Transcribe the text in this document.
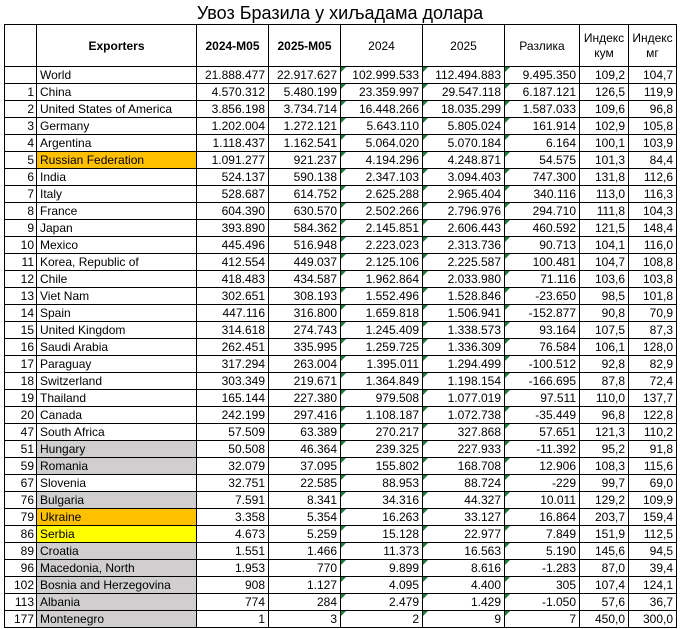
Увоз Бразила у хиљадама долара
	Exporters	2024-M05	2025-M05	2024	2025	Разлика	Индекс кум	Индекс мг
	World	21.888.477	22.917.627	102.999.533	112.494.883	9.495.350	109,2	104,7
1	China	4.570.312	5.480.199	23.359.997	29.547.118	6.187.121	126,5	119,9
2	United States of America	3.856.198	3.734.714	16.448.266	18.035.299	1.587.033	109,6	96,8
3	Germany	1.202.004	1.272.121	5.643.110	5.805.024	161.914	102,9	105,8
4	Argentina	1.118.437	1.162.541	5.064.020	5.070.184	6.164	100,1	103,9
5	Russian Federation	1.091.277	921.237	4.194.296	4.248.871	54.575	101,3	84,4
6	India	524.137	590.138	2.347.103	3.094.403	747.300	131,8	112,6
7	Italy	528.687	614.752	2.625.288	2.965.404	340.116	113,0	116,3
8	France	604.390	630.570	2.502.266	2.796.976	294.710	111,8	104,3
9	Japan	393.890	584.362	2.145.851	2.606.443	460.592	121,5	148,4
10	Mexico	445.496	516.948	2.223.023	2.313.736	90.713	104,1	116,0
11	Korea, Republic of	412.554	449.037	2.125.106	2.225.587	100.481	104,7	108,8
12	Chile	418.483	434.587	1.962.864	2.033.980	71.116	103,6	103,8
13	Viet Nam	302.651	308.193	1.552.496	1.528.846	-23.650	98,5	101,8
14	Spain	447.116	316.800	1.659.818	1.506.941	-152.877	90,8	70,9
15	United Kingdom	314.618	274.743	1.245.409	1.338.573	93.164	107,5	87,3
16	Saudi Arabia	262.451	335.995	1.259.725	1.336.309	76.584	106,1	128,0
17	Paraguay	317.294	263.004	1.395.011	1.294.499	-100.512	92,8	82,9
18	Switzerland	303.349	219.671	1.364.849	1.198.154	-166.695	87,8	72,4
19	Thailand	165.144	227.380	979.508	1.077.019	97.511	110,0	137,7
20	Canada	242.199	297.416	1.108.187	1.072.738	-35.449	96,8	122,8
47	South Africa	57.509	63.389	270.217	327.868	57.651	121,3	110,2
51	Hungary	50.508	46.364	239.325	227.933	-11.392	95,2	91,8
59	Romania	32.079	37.095	155.802	168.708	12.906	108,3	115,6
67	Slovenia	32.751	22.585	88.953	88.724	-229	99,7	69,0
76	Bulgaria	7.591	8.341	34.316	44.327	10.011	129,2	109,9
79	Ukraine	3.358	5.354	16.263	33.127	16.864	203,7	159,4
86	Serbia	4.673	5.259	15.128	22.977	7.849	151,9	112,5
89	Croatia	1.551	1.466	11.373	16.563	5.190	145,6	94,5
96	Macedonia, North	1.953	770	9.899	8.616	-1.283	87,0	39,4
102	Bosnia and Herzegovina	908	1.127	4.095	4.400	305	107,4	124,1
113	Albania	774	284	2.479	1.429	-1.050	57,6	36,7
177	Montenegro	1	3	2	9	7	450,0	300,0
